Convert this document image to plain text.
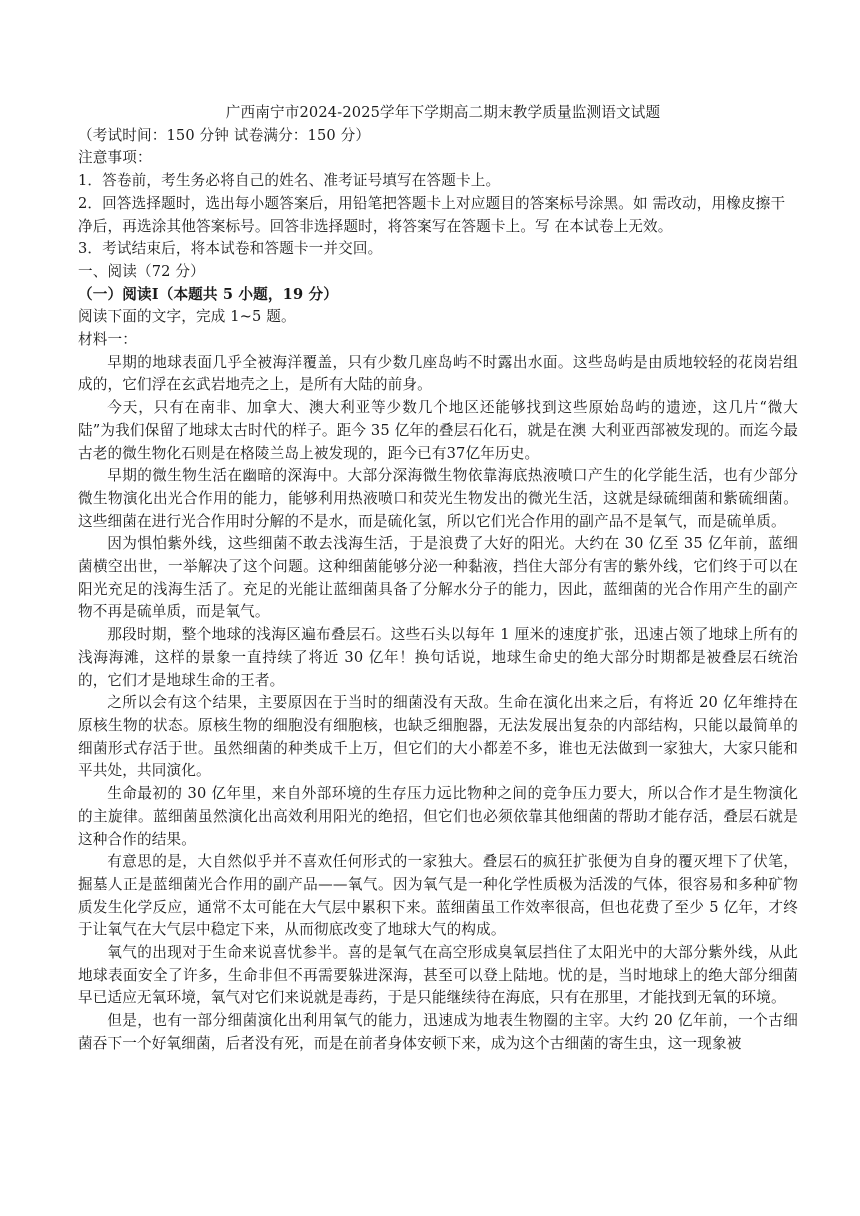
广西南宁市2024-2025学年下学期高二期末教学质量监测语文试题

（考试时间：150 分钟 试卷满分：150 分）

注意事项：

1．答卷前，考生务必将自己的姓名、准考证号填写在答题卡上。

2．回答选择题时，选出每小题答案后，用铅笔把答题卡上对应题目的答案标号涂黑。如 需改动，用橡皮擦干净后，再选涂其他答案标号。回答非选择题时，将答案写在答题卡上。写 在本试卷上无效。

3．考试结束后，将本试卷和答题卡一并交回。

一、阅读（72 分）

（一）阅读Ⅰ（本题共 5 小题，19 分）

阅读下面的文字，完成 1~5 题。

材料一：

早期的地球表面几乎全被海洋覆盖，只有少数几座岛屿不时露出水面。这些岛屿是由质地较轻的花岗岩组成的，它们浮在玄武岩地壳之上，是所有大陆的前身。

今天，只有在南非、加拿大、澳大利亚等少数几个地区还能够找到这些原始岛屿的遗迹，这几片“微大陆”为我们保留了地球太古时代的样子。距今 35 亿年的叠层石化石，就是在澳 大利亚西部被发现的。而迄今最古老的微生物化石则是在格陵兰岛上被发现的，距今已有37亿年历史。

早期的微生物生活在幽暗的深海中。大部分深海微生物依靠海底热液喷口产生的化学能生活，也有少部分微生物演化出光合作用的能力，能够利用热液喷口和荧光生物发出的微光生活，这就是绿硫细菌和紫硫细菌。这些细菌在进行光合作用时分解的不是水，而是硫化氢，所以它们光合作用的副产品不是氧气，而是硫单质。

因为惧怕紫外线，这些细菌不敢去浅海生活，于是浪费了大好的阳光。大约在 30 亿至 35 亿年前，蓝细菌横空出世，一举解决了这个问题。这种细菌能够分泌一种黏液，挡住大部分有害的紫外线，它们终于可以在阳光充足的浅海生活了。充足的光能让蓝细菌具备了分解水分子的能力，因此，蓝细菌的光合作用产生的副产物不再是硫单质，而是氧气。

那段时期，整个地球的浅海区遍布叠层石。这些石头以每年 1 厘米的速度扩张，迅速占领了地球上所有的浅海海滩，这样的景象一直持续了将近 30 亿年！换句话说，地球生命史的绝大部分时期都是被叠层石统治的，它们才是地球生命的王者。

之所以会有这个结果，主要原因在于当时的细菌没有天敌。生命在演化出来之后，有将近 20 亿年维持在原核生物的状态。原核生物的细胞没有细胞核，也缺乏细胞器，无法发展出复杂的内部结构，只能以最简单的细菌形式存活于世。虽然细菌的种类成千上万，但它们的大小都差不多，谁也无法做到一家独大，大家只能和平共处，共同演化。

生命最初的 30 亿年里，来自外部环境的生存压力远比物种之间的竞争压力要大，所以合作才是生物演化的主旋律。蓝细菌虽然演化出高效利用阳光的绝招，但它们也必须依靠其他细菌的帮助才能存活，叠层石就是这种合作的结果。

有意思的是，大自然似乎并不喜欢任何形式的一家独大。叠层石的疯狂扩张便为自身的覆灭埋下了伏笔，掘墓人正是蓝细菌光合作用的副产品——氧气。因为氧气是一种化学性质极为活泼的气体，很容易和多种矿物质发生化学反应，通常不太可能在大气层中累积下来。蓝细菌虽工作效率很高，但也花费了至少 5 亿年，才终于让氧气在大气层中稳定下来，从而彻底改变了地球大气的构成。

氧气的出现对于生命来说喜忧参半。喜的是氧气在高空形成臭氧层挡住了太阳光中的大部分紫外线，从此地球表面安全了许多，生命非但不再需要躲进深海，甚至可以登上陆地。忧的是，当时地球上的绝大部分细菌早已适应无氧环境，氧气对它们来说就是毒药，于是只能继续待在海底，只有在那里，才能找到无氧的环境。

但是，也有一部分细菌演化出利用氧气的能力，迅速成为地表生物圈的主宰。大约 20 亿年前，一个古细菌吞下一个好氧细菌，后者没有死，而是在前者身体安顿下来，成为这个古细菌的寄生虫，这一现象被
